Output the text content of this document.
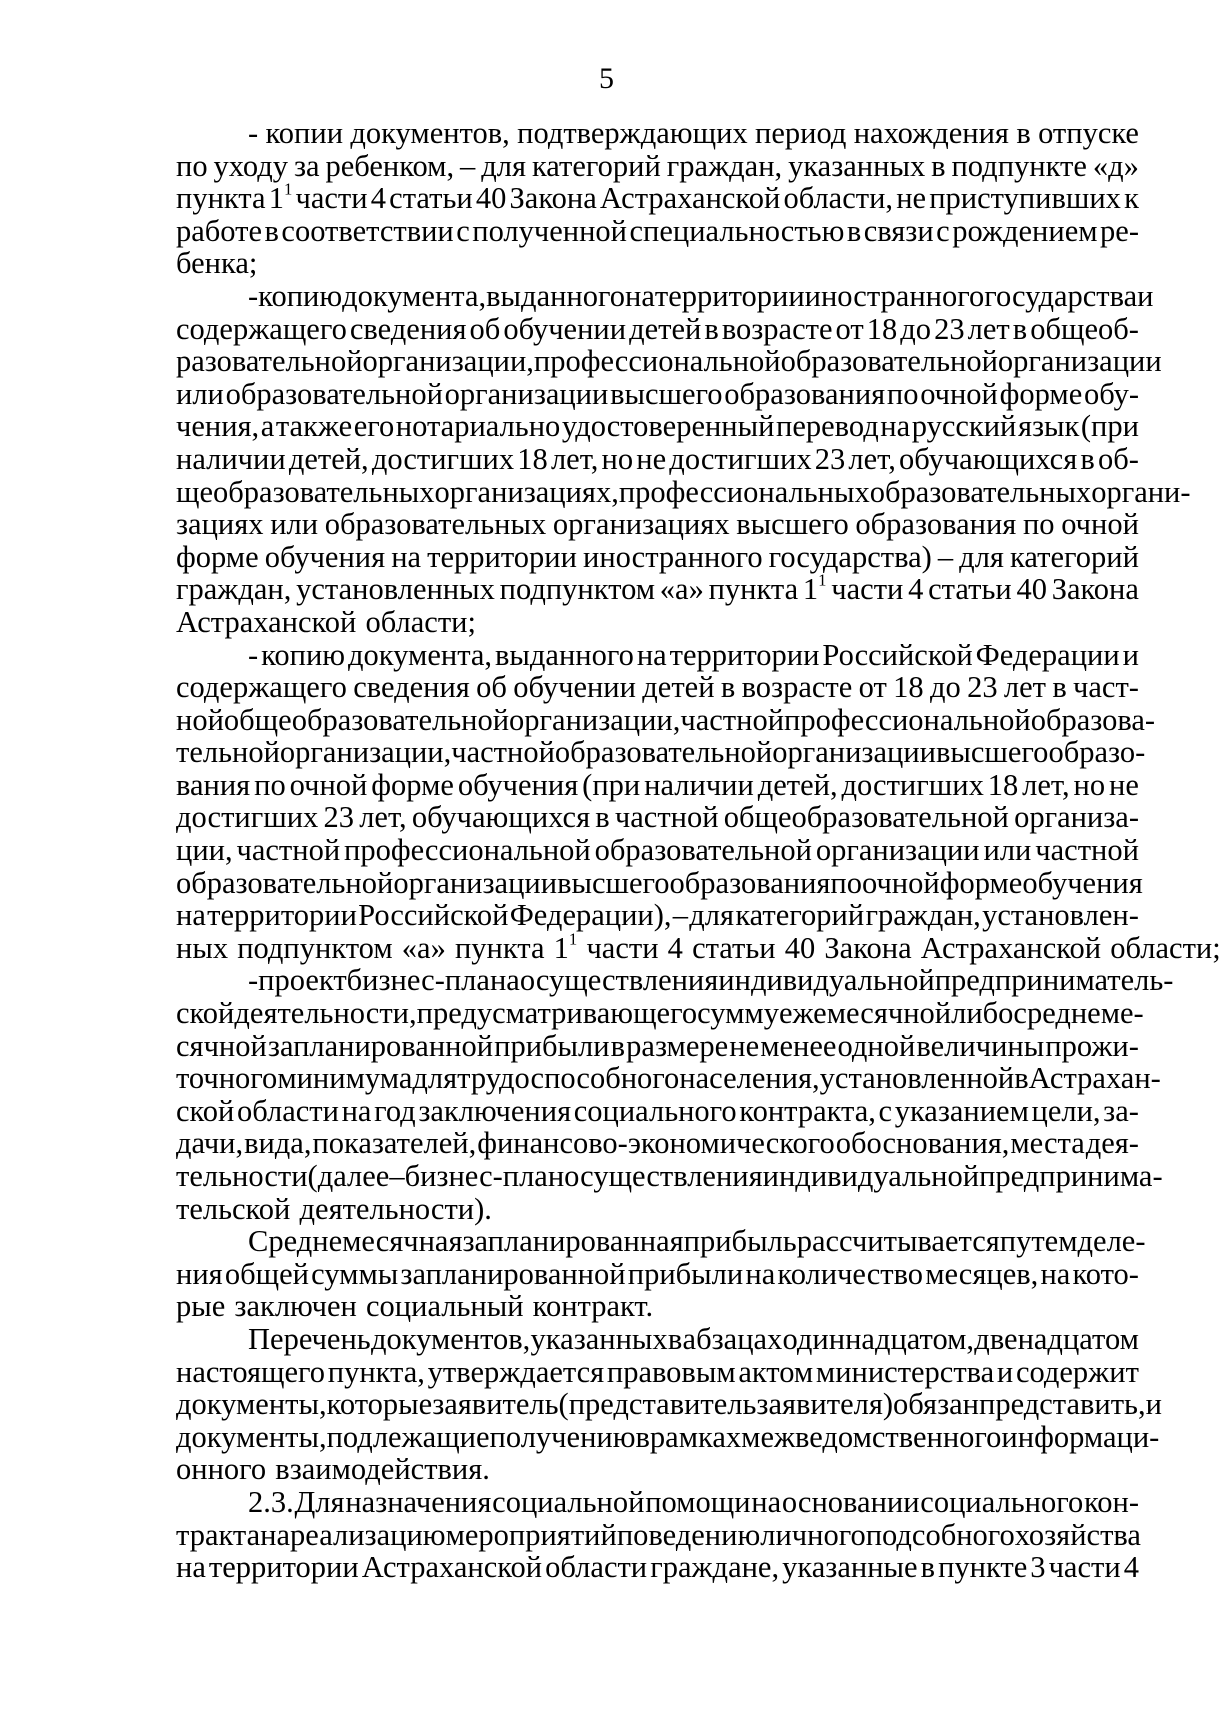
5
- копии документов, подтверждающих период нахождения в отпуске
по уходу за ребенком, – для категорий граждан, указанных в подпункте «д»
пункта $1^1$ части 4 статьи 40 Закона Астраханской области, не приступивших к
работе в соответствии с полученной специальностью в связи с рождением ре-
бенка;
- копию документа, выданного на территории иностранного государства и
содержащего сведения об обучении детей в возрасте от 18 до 23 лет в общеоб-
разовательной организации, профессиональной образовательной организации
или образовательной организации высшего образования по очной форме обу-
чения, а также его нотариально удостоверенный перевод на русский язык (при
наличии детей, достигших 18 лет, но не достигших 23 лет, обучающихся в об-
щеобразовательных организациях, профессиональных образовательных органи-
зациях или образовательных организациях высшего образования по очной
форме обучения на территории иностранного государства) – для категорий
граждан, установленных подпунктом «а» пункта $1^1$ части 4 статьи 40 Закона
Астраханской области;
- копию документа, выданного на территории Российской Федерации и
содержащего сведения об обучении детей в возрасте от 18 до 23 лет в част-
ной общеобразовательной организации, частной профессиональной образова-
тельной организации, частной образовательной организации высшего образо-
вания по очной форме обучения (при наличии детей, достигших 18 лет, но не
достигших 23 лет, обучающихся в частной общеобразовательной организа-
ции, частной профессиональной образовательной организации или частной
образовательной организации высшего образования по очной форме обучения
на территории Российской Федерации), – для категорий граждан, установлен-
ных подпунктом «а» пункта $1^1$ части 4 статьи 40 Закона Астраханской области;
- проект бизнес-плана осуществления индивидуальной предприниматель-
ской деятельности, предусматривающего сумму ежемесячной либо среднеме-
сячной запланированной прибыли в размере не менее одной величины прожи-
точного минимума для трудоспособного населения, установленной в Астрахан-
ской области на год заключения социального контракта, с указанием цели, за-
дачи, вида, показателей, финансово-экономического обоснования, места дея-
тельности (далее – бизнес-план осуществления индивидуальной предпринима-
тельской деятельности).
Среднемесячная запланированная прибыль рассчитывается путем деле-
ния общей суммы запланированной прибыли на количество месяцев, на кото-
рые заключен социальный контракт.
Перечень документов, указанных в абзацах одиннадцатом, двенадцатом
настоящего пункта, утверждается правовым актом министерства и содержит
документы, которые заявитель (представитель заявителя) обязан представить, и
документы, подлежащие получению в рамках межведомственного информаци-
онного взаимодействия.
2.3. Для назначения социальной помощи на основании социального кон-
тракта на реализацию мероприятий по ведению личного подсобного хозяйства
на территории Астраханской области граждане, указанные в пункте 3 части 4
